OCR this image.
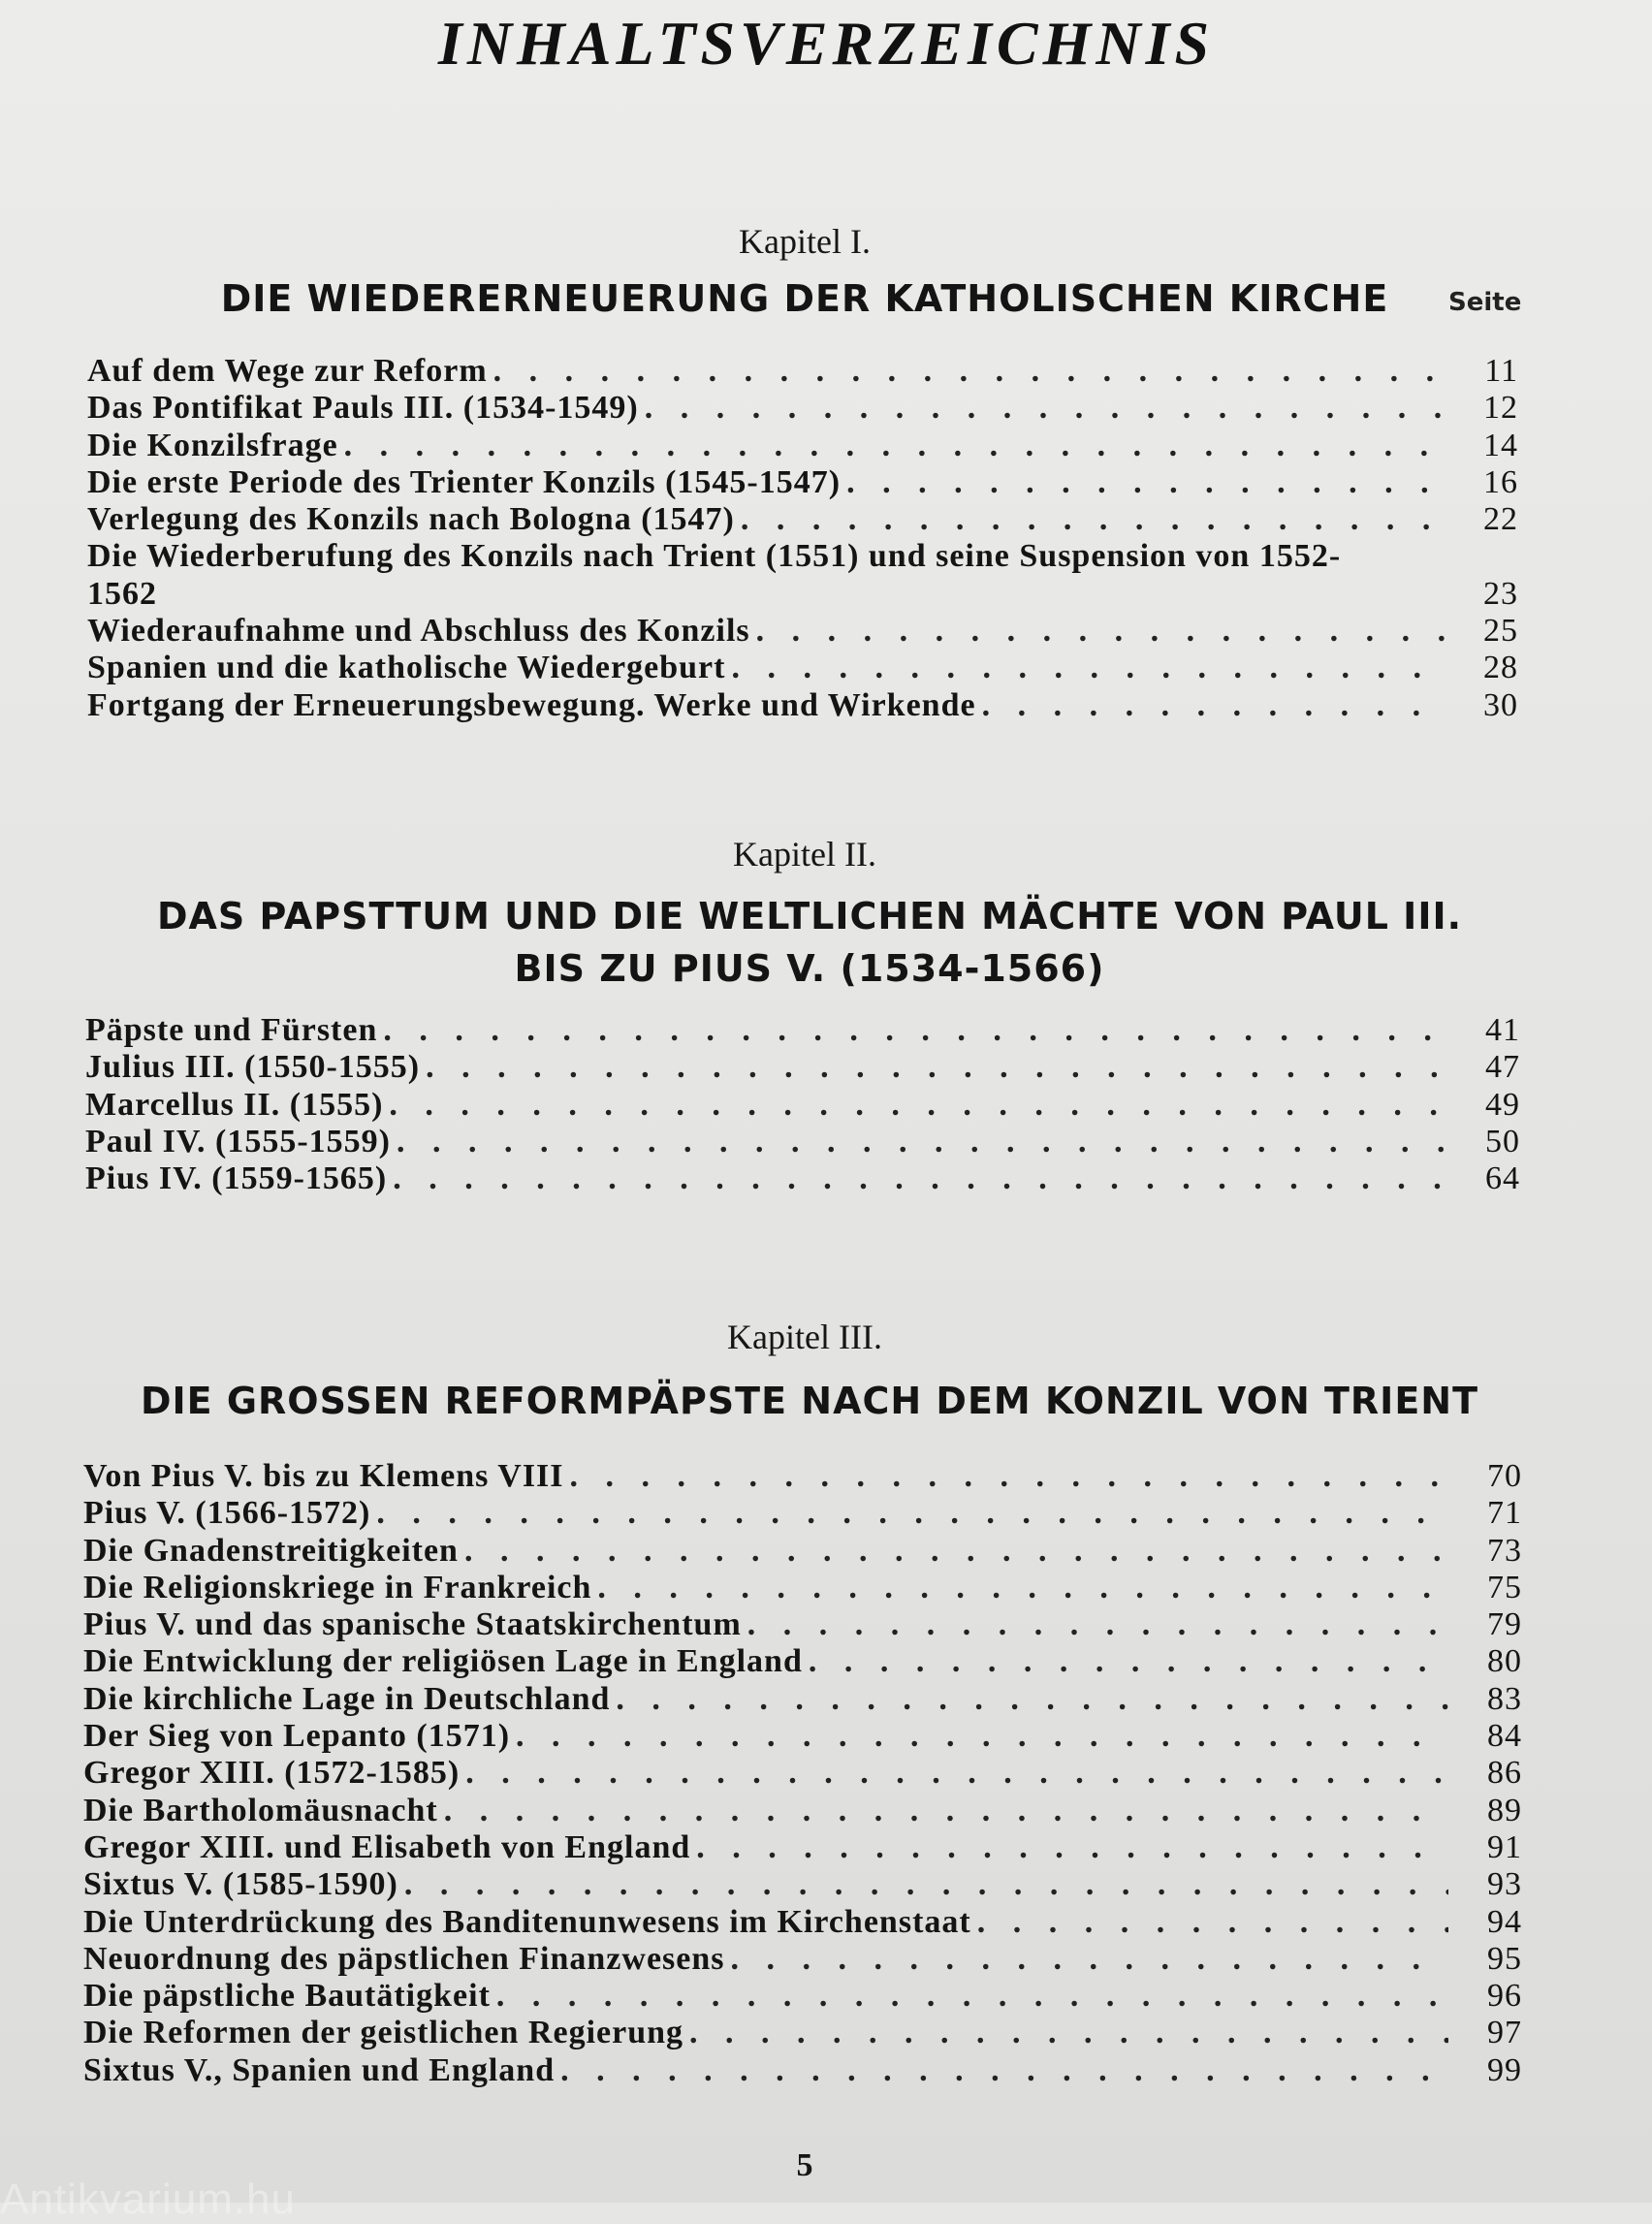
INHALTSVERZEICHNIS
Kapitel I.
DIE WIEDERERNEUERUNG DER KATHOLISCHEN KIRCHE	Seite
Auf dem Wege zur Reform . . .	11
Das Pontifikat Pauls III. (1534-1549) . . .	12
Die Konzilsfrage . . .	14
Die erste Periode des Trienter Konzils (1545-1547) . . .	16
Verlegung des Konzils nach Bologna (1547) . . .	22
Die Wiederberufung des Konzils nach Trient (1551) und seine Suspension von 1552-1562	23
Wiederaufnahme und Abschluss des Konzils . . .	25
Spanien und die katholische Wiedergeburt . . .	28
Fortgang der Erneuerungsbewegung. Werke und Wirkende . . .	30
Kapitel II.
DAS PAPSTTUM UND DIE WELTLICHEN MÄCHTE VON PAUL III.
BIS ZU PIUS V. (1534-1566)
Päpste und Fürsten . . .	41
Julius III. (1550-1555) . . .	47
Marcellus II. (1555) . . .	49
Paul IV. (1555-1559) . . .	50
Pius IV. (1559-1565) . . .	64
Kapitel III.
DIE GROSSEN REFORMPÄPSTE NACH DEM KONZIL VON TRIENT
Von Pius V. bis zu Klemens VIII . . .	70
Pius V. (1566-1572) . . .	71
Die Gnadenstreitigkeiten . . .	73
Die Religionskriege in Frankreich . . .	75
Pius V. und das spanische Staatskirchentum . . .	79
Die Entwicklung der religiösen Lage in England . . .	80
Die kirchliche Lage in Deutschland . . .	83
Der Sieg von Lepanto (1571) . . .	84
Gregor XIII. (1572-1585) . . .	86
Die Bartholomäusnacht . . .	89
Gregor XIII. und Elisabeth von England . . .	91
Sixtus V. (1585-1590) . . .	93
Die Unterdrückung des Banditenunwesens im Kirchenstaat . . .	94
Neuordnung des päpstlichen Finanzwesens . . .	95
Die päpstliche Bautätigkeit . . .	96
Die Reformen der geistlichen Regierung . . .	97
Sixtus V., Spanien und England . . .	99
5
Antikvarium.hu
